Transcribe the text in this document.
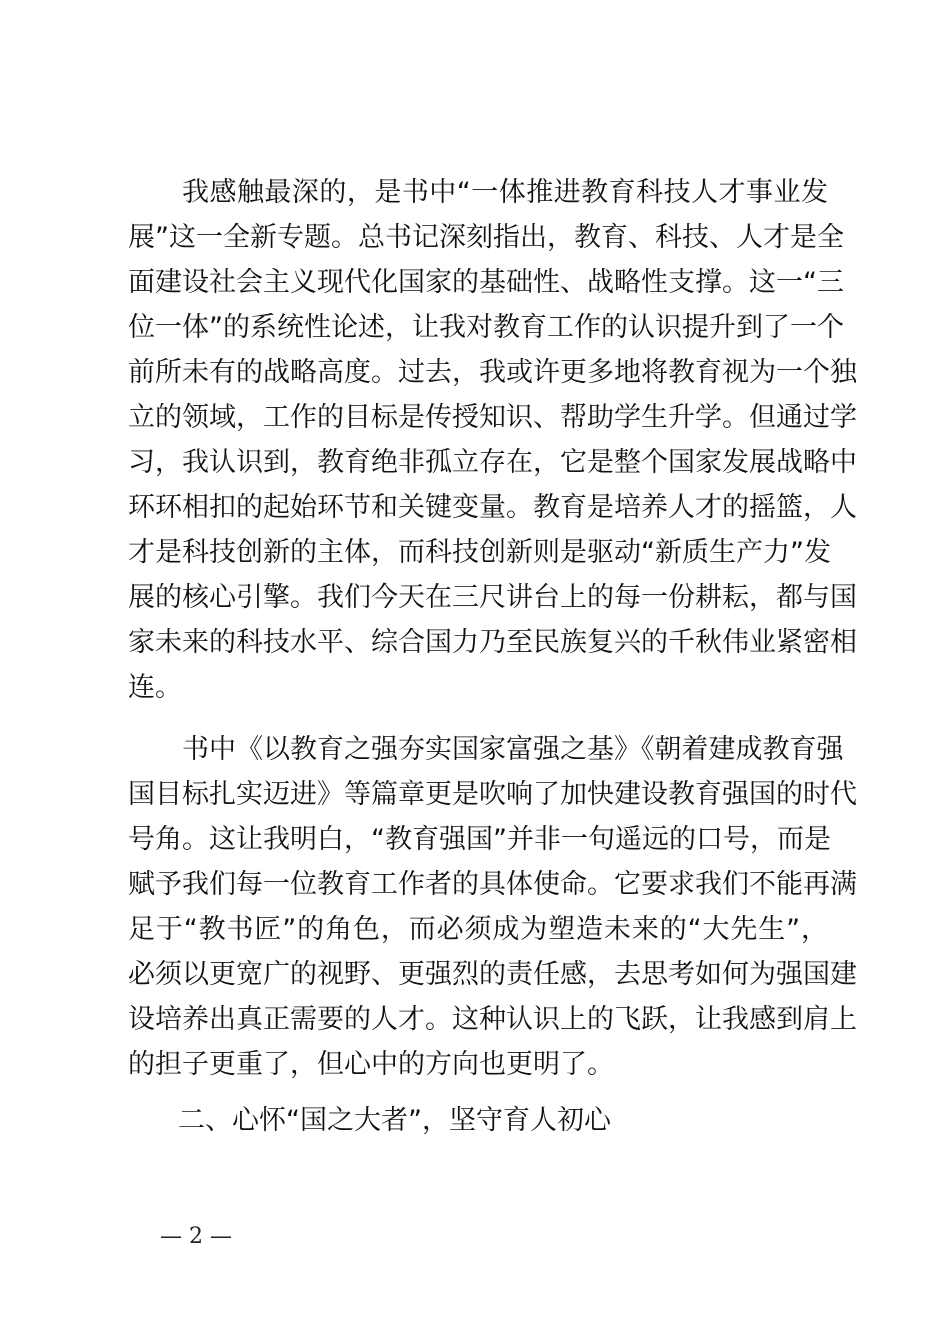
我感触最深的，是书中“一体推进教育科技人才事业发
展”这一全新专题。总书记深刻指出，教育、科技、人才是全
面建设社会主义现代化国家的基础性、战略性支撑。这一“三
位一体”的系统性论述，让我对教育工作的认识提升到了一个
前所未有的战略高度。过去，我或许更多地将教育视为一个独
立的领域，工作的目标是传授知识、帮助学生升学。但通过学
习，我认识到，教育绝非孤立存在，它是整个国家发展战略中
环环相扣的起始环节和关键变量。教育是培养人才的摇篮，人
才是科技创新的主体，而科技创新则是驱动“新质生产力”发
展的核心引擎。我们今天在三尺讲台上的每一份耕耘，都与国
家未来的科技水平、综合国力乃至民族复兴的千秋伟业紧密相
连。
书中《以教育之强夯实国家富强之基》《朝着建成教育强
国目标扎实迈进》等篇章更是吹响了加快建设教育强国的时代
号角。这让我明白，“教育强国”并非一句遥远的口号，而是
赋予我们每一位教育工作者的具体使命。它要求我们不能再满
足于“教书匠”的角色，而必须成为塑造未来的“大先生”，
必须以更宽广的视野、更强烈的责任感，去思考如何为强国建
设培养出真正需要的人才。这种认识上的飞跃，让我感到肩上
的担子更重了，但心中的方向也更明了。
二、心怀“国之大者”，坚守育人初心
— 2 —
